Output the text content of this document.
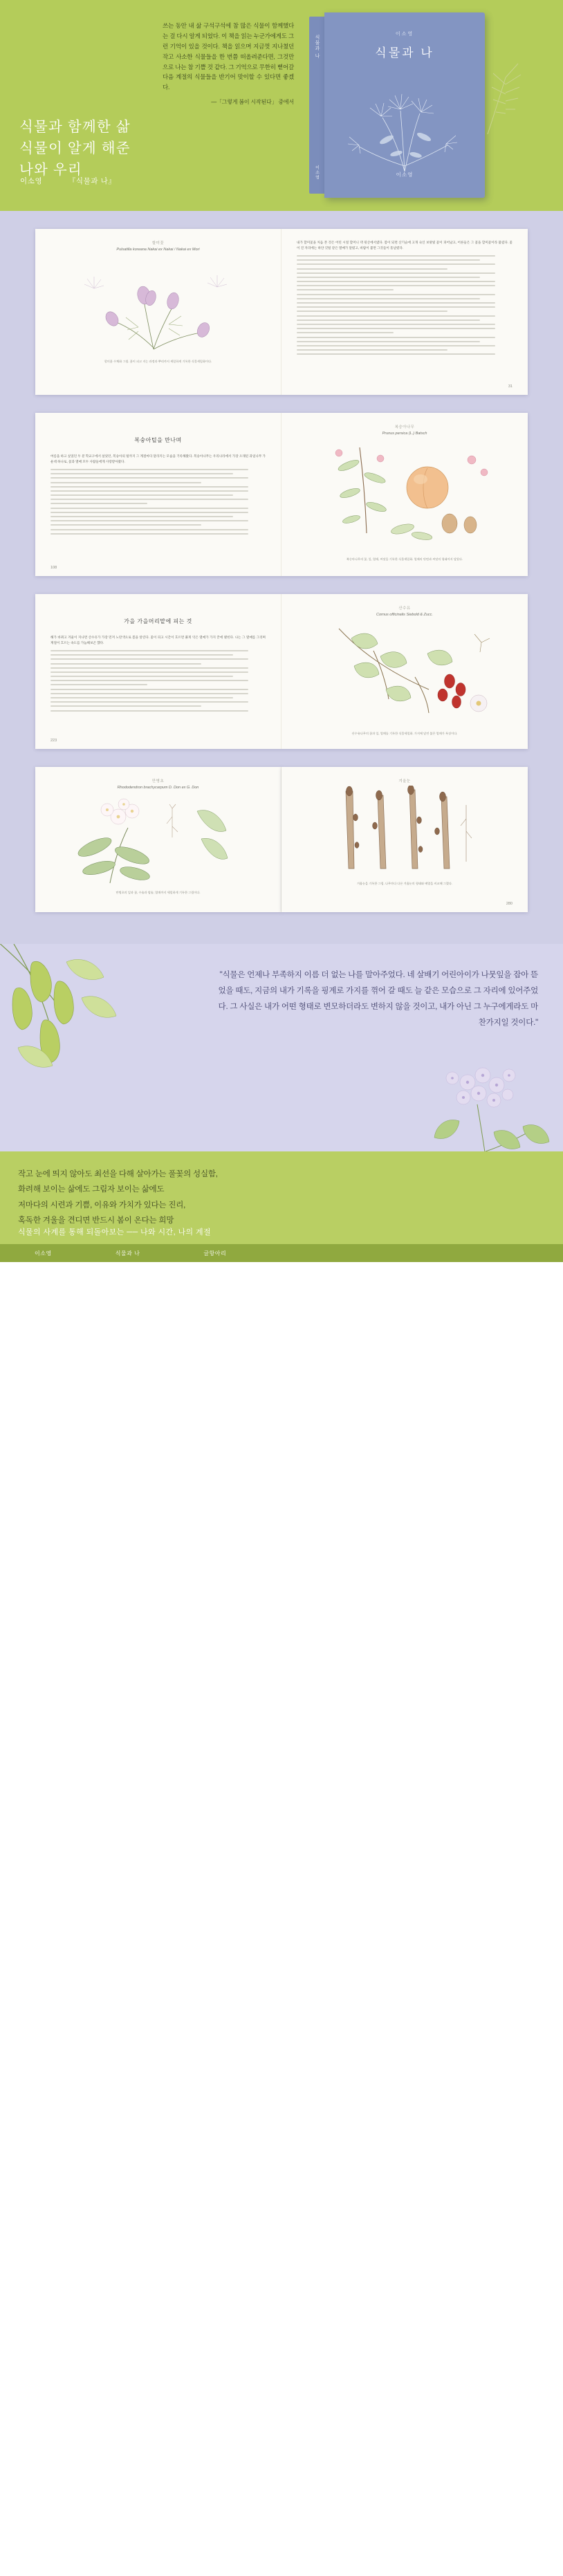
쓰는 동안 내 삶 구석구석에 참 많은 식물이 함께했다는 걸 다시 알게 되었다. 이 책을 읽는 누군가에게도 그런 기억이 있을 것이다. 책을 읽으며 지금껏 지나쳤던 작고 사소한 식물들을 한 번쯤 떠올려준다면, 그것만으로 나는 참 기쁠 것 같다. 그 기억으로 무한히 뻗어갈 다음 계절의 식물들을 반기어 맞이할 수 있다면 좋겠다.
—「그렇게 봄이 시작된다」 중에서
식물과 함께한 삶
식물이 알게 해준
나와 우리
이소영	『식물과 나』
식물과 나
이소영
이소영
식물과 나
이소영
할미꽃
Pulsatilla koreana Nakai ex Nakai / Nakai ex Mori
할미꽃 수채화 그림. 꽃이 피고 지는 과정과 뿌리까지 세밀하게 기록한 식물세밀화이다.

내가 할미꽃을 처음 본 것은 어린 시절 할머니 댁 뒷산에서였다. 봄이 되면 산기슭에 고개 숙인 보랏빛 꽃이 피어났고, 어른들은 그 꽃을 할미꽃이라 불렀다. 꽃이 진 자리에는 하얀 깃털 같은 열매가 달렸고, 바람이 불면 그것들이 흩날렸다.

31
복숭아털을 만나며

여름을 하고 싶었던 두 분 학교구에서 살았던, 복숭아의 털까지 그 계절마다 달라지는 모습을 기록해왔다. 복숭아나무는 우리나라에서 가장 오래된 과일나무 가운데 하나로, 꽃과 열매 모두 사람들에게 사랑받아왔다.

108
복숭아나무
Prunus persica (L.) Batsch
복숭아나무의 꽃, 잎, 열매, 씨앗을 기록한 식물세밀화. 열매의 단면과 씨앗의 형태까지 담았다.
가을 가을머리맡에 피는 것

해가 바뀌고 겨울이 지나면 산수유가 가장 먼저 노란색으로 봄을 알린다. 꽃이 피고 시간이 흐르면 붉게 익은 열매가 가지 끝에 맺힌다. 나는 그 열매를 그리며 계절이 흐르는 속도를 가늠해보곤 했다.

223
산수유
Cornus officinalis Siebold & Zucc.
산수유나무의 꽃과 잎, 열매를 기록한 식물세밀화. 가지에 달린 붉은 열매가 특징이다.
만병초
Rhododendron brachycarpum D. Don ex G. Don
만병초의 잎과 꽃, 수술과 암술, 열매까지 세밀하게 기록한 그림이다.
겨울눈
겨울눈을 기록한 그림. 나무마다 다른 겨울눈의 형태와 배열을 비교해 그렸다.
280
"식물은 언제나 부족하지 이름 더 없는 나를 말아주었다. 네 살배기 어린아이가 나뭇잎을 잡아 뜯었을 때도, 지금의 내가 기록을 핑계로 가지를 꺾어 갈 때도 늘 같은 모습으로 그 자리에 있어주었다. 그 사실은 내가 어떤 형태로 변모하더라도 변하지 않을 것이고, 내가 아닌 그 누구에게라도 마찬가지일 것이다."
작고 눈에 띄지 않아도 최선을 다해 살아가는 풀꽃의 성실함,
화려해 보이는 삶에도 그림자 보이는 삶에도
저마다의 시련과 기쁨, 이유와 가치가 있다는 진리,
혹독한 겨울을 견디면 반드시 봄이 온다는 희망
식물의 사계를 통해 되돌아보는 ── 나와 시간, 나의 계절
이소영	식물과 나	글항아리
